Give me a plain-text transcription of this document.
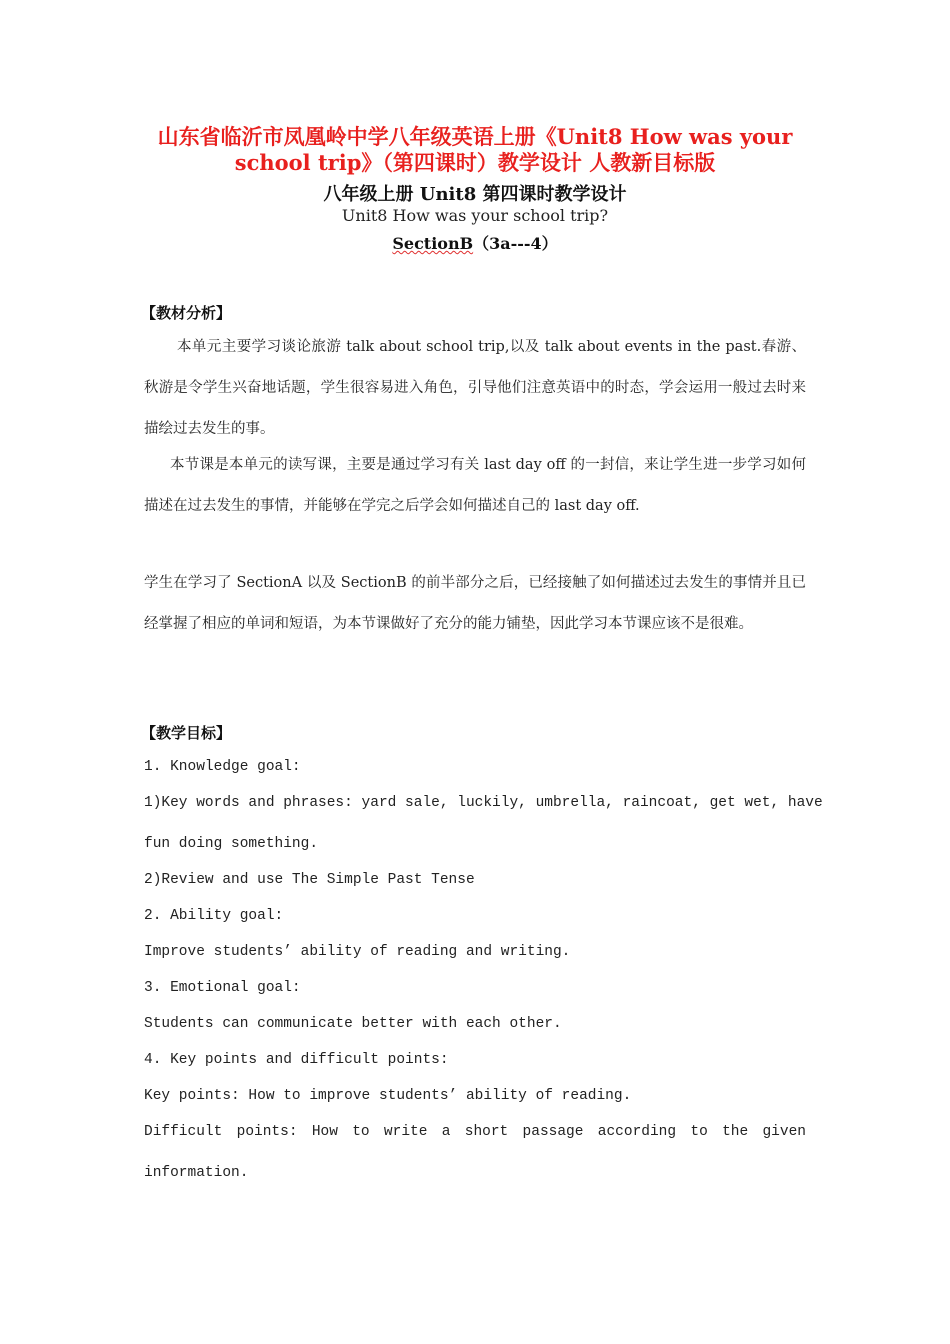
山东省临沂市凤凰岭中学八年级英语上册《Unit8 How was your
school trip》（第四课时）教学设计 人教新目标版
八年级上册 Unit8 第四课时教学设计
Unit8 How was your school trip?
SectionB（3a---4）
【教材分析】
本单元主要学习谈论旅游 talk about school trip,以及 talk about events in the past.春游、秋游是令学生兴奋地话题，学生很容易进入角色，引导他们注意英语中的时态，学会运用一般过去时来描绘过去发生的事。
本节课是本单元的读写课，主要是通过学习有关 last day off 的一封信，来让学生进一步学习如何描述在过去发生的事情，并能够在学完之后学会如何描述自己的 last day off.
学生在学习了 SectionA 以及 SectionB 的前半部分之后，已经接触了如何描述过去发生的事情并且已经掌握了相应的单词和短语，为本节课做好了充分的能力铺垫，因此学习本节课应该不是很难。
【教学目标】
1. Knowledge goal:
1)Key words and phrases: yard sale, luckily, umbrella, raincoat, get wet, have
fun doing something.
2)Review and use The Simple Past Tense
2. Ability goal:
Improve students’ ability of reading and writing.
3. Emotional goal:
Students can communicate better with each other.
4. Key points and difficult points:
Key points: How to improve students’ ability of reading.
Difficult points: How to write a short passage according to the given
information.
